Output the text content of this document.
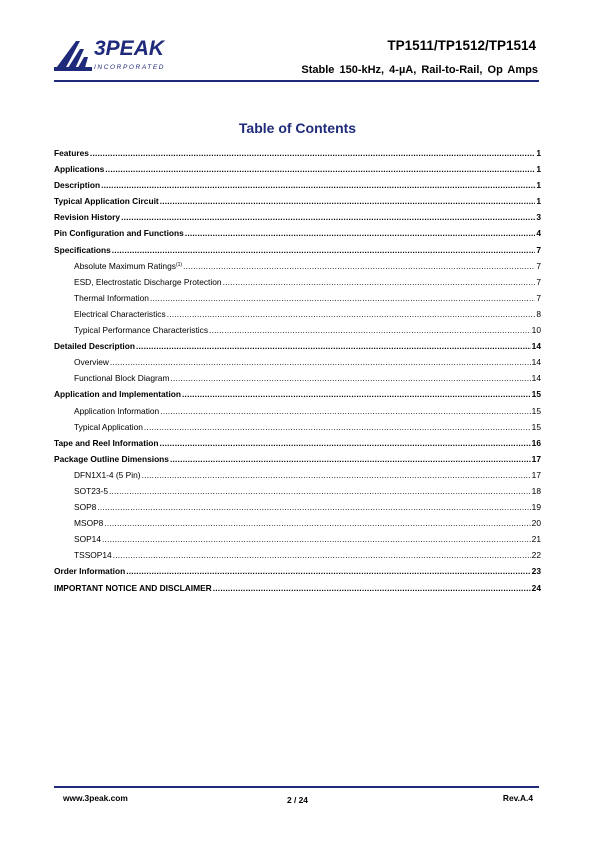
3PEAK
INCORPORATED
TP1511/TP1512/TP1514
Stable 150-kHz, 4-µA, Rail-to-Rail, Op Amps
Table of Contents
Features .....	1
Applications .....	1
Description .....	1
Typical Application Circuit .....	1
Revision History .....	3
Pin Configuration and Functions .....	4
Specifications .....	7
Absolute Maximum Ratings$^{(1)}$ .....	7
ESD, Electrostatic Discharge Protection .....	7
Thermal Information .....	7
Electrical Characteristics .....	8
Typical Performance Characteristics .....	10
Detailed Description .....	14
Overview .....	14
Functional Block Diagram .....	14
Application and Implementation .....	15
Application Information .....	15
Typical Application .....	15
Tape and Reel Information .....	16
Package Outline Dimensions .....	17
DFN1X1-4 (5 Pin) .....	17
SOT23-5 .....	18
SOP8 .....	19
MSOP8 .....	20
SOP14 .....	21
TSSOP14 .....	22
Order Information .....	23
IMPORTANT NOTICE AND DISCLAIMER .....	24
www.3peak.com	2 / 24	Rev.A.4
